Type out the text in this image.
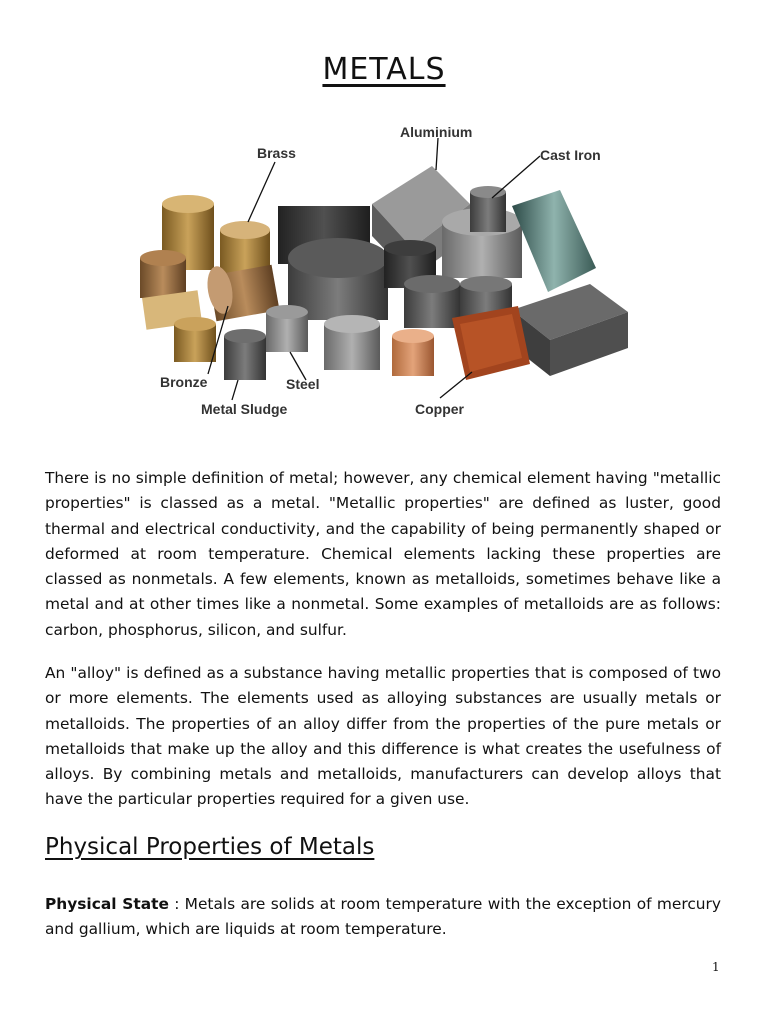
METALS
Brass
Aluminium
Cast Iron
Bronze	Steel
Metal Sludge	Copper

There is no simple definition of metal; however, any chemical element having "metallic properties" is classed as a metal. "Metallic properties" are defined as luster, good thermal and electrical conductivity, and the capability of being permanently shaped or deformed at room temperature. Chemical elements lacking these properties are classed as nonmetals. A few elements, known as metalloids, sometimes behave like a metal and at other times like a nonmetal. Some examples of metalloids are as follows: carbon, phosphorus, silicon, and sulfur.

An "alloy" is defined as a substance having metallic properties that is composed of two or more elements. The elements used as alloying substances are usually metals or metalloids. The properties of an alloy differ from the properties of the pure metals or metalloids that make up the alloy and this difference is what creates the usefulness of alloys. By combining metals and metalloids, manufacturers can develop alloys that have the particular properties required for a given use.

Physical Properties of Metals

Physical State : Metals are solids at room temperature with the exception of mercury and gallium, which are liquids at room temperature.

1
